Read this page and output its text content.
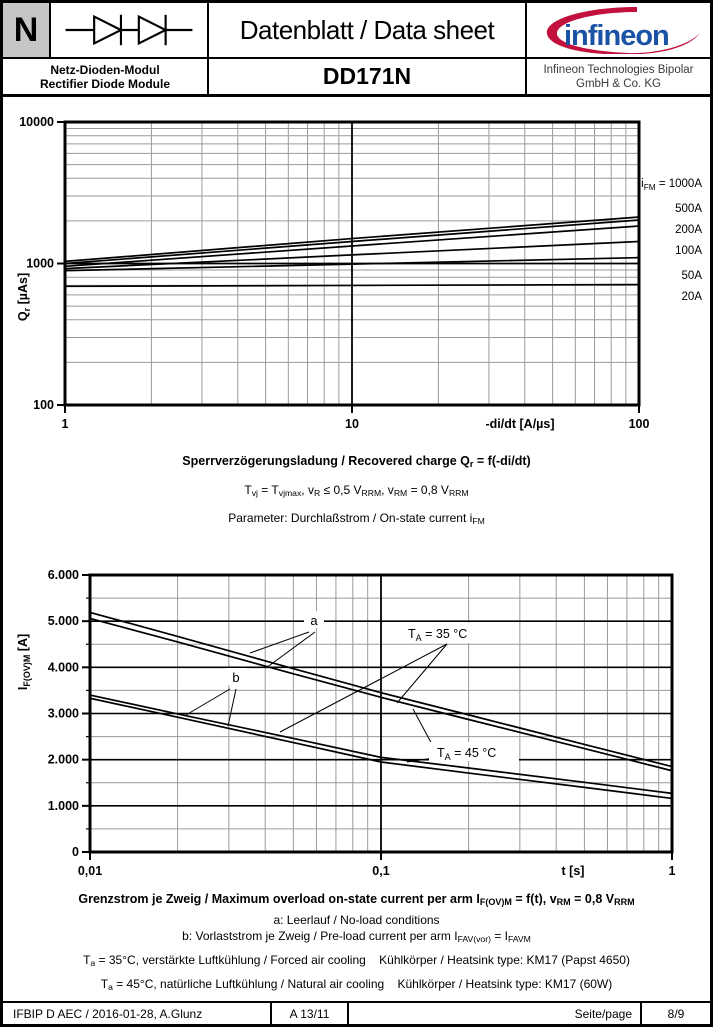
N	Datenblatt / Data sheet	infineon
Netz-Dioden-Modul
Rectifier Diode Module	DD171N	Infineon Technologies Bipolar
GmbH & Co. KG
1	10	100
100
1000
10000
-di/dt [A/µs]
$Q_r$ [µAs]
$i_{FM} = 1000A$
500A
200A
100A
50A
20A
Sperrverzögerungsladung / Recovered charge $Q_r = f(-di/dt)$
$T_{vj} = T_{vjmax}$, $v_R \le 0,5$ $V_{RRM}$, $v_{RM} = 0,8$ $V_{RRM}$
Parameter: Durchlaßstrom / On-state current $i_{FM}$
a
b
$T_A = 35$ °C
$T_A = 45$ °C
0,01	0,1	1
0
1.000
2.000
3.000
4.000
5.000
6.000
t [s]
$I_{F(OV)M}$ [A]
Grenzstrom je Zweig / Maximum overload on-state current per arm $I_{F(OV)M} = f(t)$, $v_{RM} = 0,8$ $V_{RRM}$
a: Leerlauf / No-load conditions
b: Vorlaststrom je Zweig / Pre-load current per arm $I_{FAV(vor)} = I_{FAVM}$
$T_a = 35^\circ C$, verstärkte Luftkühlung / Forced air cooling    Kühlkörper / Heatsink type: KM17 (Papst 4650)
$T_a = 45^\circ C$, natürliche Luftkühlung / Natural air cooling    Kühlkörper / Heatsink type: KM17 (60W)
IFBIP D AEC / 2016-01-28, A.Glunz	A 13/11	Seite/page	8/9
